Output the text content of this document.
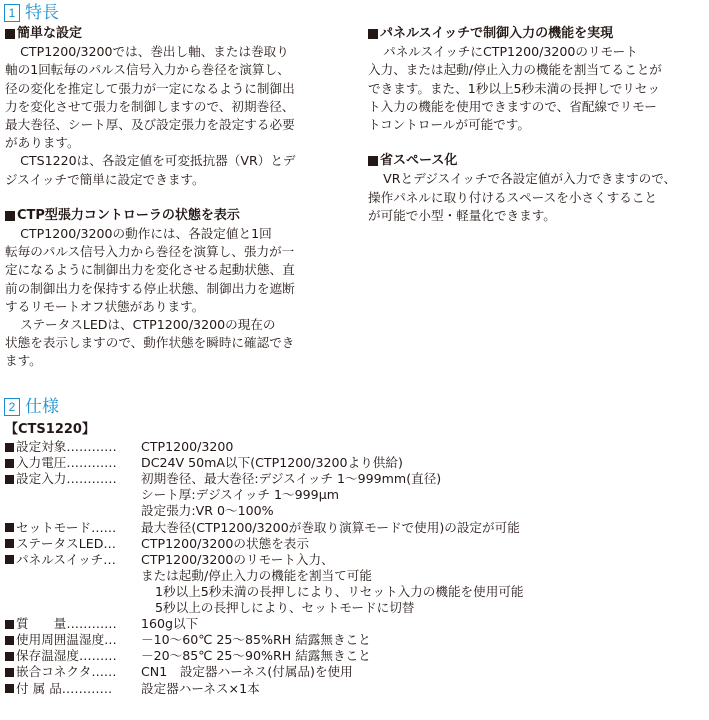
1 特長
簡単な設定

CTP1200/3200では、巻出し軸、または巻取り
軸の1回転毎のパルス信号入力から巻径を演算し、
径の変化を推定して張力が一定になるように制御出
力を変化させて張力を制御しますので、初期巻径、
最大巻径、シート厚、及び設定張力を設定する必要
があります。

CTS1220は、各設定値を可変抵抗器（VR）とデ
ジスイッチで簡単に設定できます。

CTP型張力コントローラの状態を表示

CTP1200/3200の動作には、各設定値と1回
転毎のパルス信号入力から巻径を演算し、張力が一
定になるように制御出力を変化させる起動状態、直
前の制御出力を保持する停止状態、制御出力を遮断
するリモートオフ状態があります。

ステータスLEDは、CTP1200/3200の現在の
状態を表示しますので、動作状態を瞬時に確認でき
ます。

パネルスイッチで制御入力の機能を実現

パネルスイッチにCTP1200/3200のリモート
入力、または起動/停止入力の機能を割当てることが
できます。また、1秒以上5秒未満の長押しでリセッ
ト入力の機能を使用できますので、省配線でリモー
トコントロールが可能です。

省スペース化

VRとデジスイッチで各設定値が入力できますので、
操作パネルに取り付けるスペースを小さくすること
が可能で小型・軽量化できます。

2 仕様
【CTS1220】
設定対象 ………… CTP1200/3200
入力電圧 ………… DC24V 50mA以下(CTP1200/3200より供給)
設定入力 ………… 初期巻径、最大巻径:デジスイッチ 1～999mm(直径)
シート厚:デジスイッチ 1～999μm
設定張力:VR 0～100%
セットモード …… 最大巻径(CTP1200/3200が巻取り演算モードで使用)の設定が可能
ステータスLED … CTP1200/3200の状態を表示
パネルスイッチ … CTP1200/3200のリモート入力、
または起動/停止入力の機能を割当て可能
1秒以上5秒未満の長押しにより、リセット入力の機能を使用可能
5秒以上の長押しにより、セットモードに切替
質　　量 ………… 160g以下
使用周囲温湿度 … －10～60℃ 25～85%RH 結露無きこと
保存温湿度 ……… －20～85℃ 25～90%RH 結露無きこと
嵌合コネクタ …… CN1　設定器ハーネス(付属品)を使用
付 属 品 ………… 設定器ハーネス×1本
